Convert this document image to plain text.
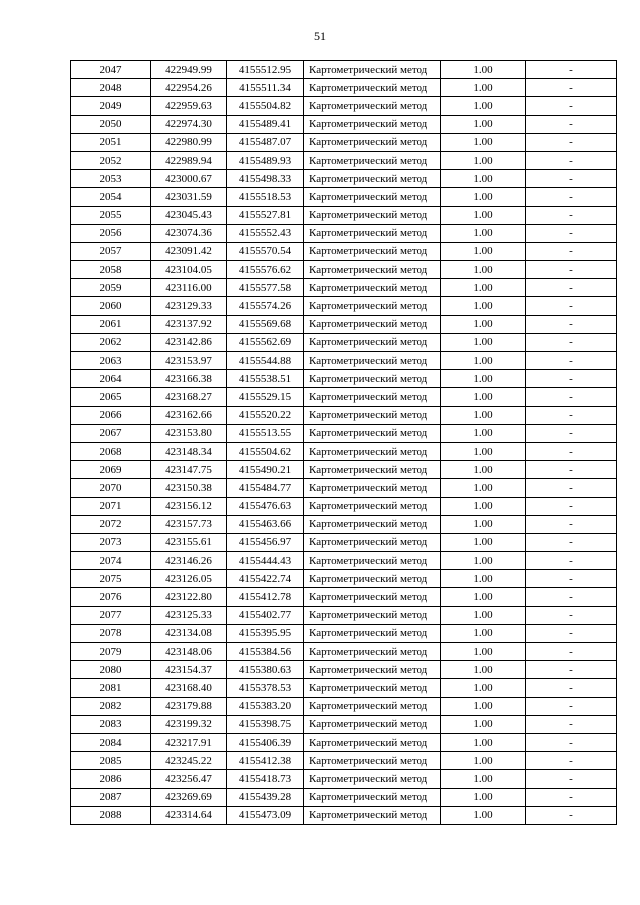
51
2047	422949.99	4155512.95	Картометрический метод	1.00	-
2048	422954.26	4155511.34	Картометрический метод	1.00	-
2049	422959.63	4155504.82	Картометрический метод	1.00	-
2050	422974.30	4155489.41	Картометрический метод	1.00	-
2051	422980.99	4155487.07	Картометрический метод	1.00	-
2052	422989.94	4155489.93	Картометрический метод	1.00	-
2053	423000.67	4155498.33	Картометрический метод	1.00	-
2054	423031.59	4155518.53	Картометрический метод	1.00	-
2055	423045.43	4155527.81	Картометрический метод	1.00	-
2056	423074.36	4155552.43	Картометрический метод	1.00	-
2057	423091.42	4155570.54	Картометрический метод	1.00	-
2058	423104.05	4155576.62	Картометрический метод	1.00	-
2059	423116.00	4155577.58	Картометрический метод	1.00	-
2060	423129.33	4155574.26	Картометрический метод	1.00	-
2061	423137.92	4155569.68	Картометрический метод	1.00	-
2062	423142.86	4155562.69	Картометрический метод	1.00	-
2063	423153.97	4155544.88	Картометрический метод	1.00	-
2064	423166.38	4155538.51	Картометрический метод	1.00	-
2065	423168.27	4155529.15	Картометрический метод	1.00	-
2066	423162.66	4155520.22	Картометрический метод	1.00	-
2067	423153.80	4155513.55	Картометрический метод	1.00	-
2068	423148.34	4155504.62	Картометрический метод	1.00	-
2069	423147.75	4155490.21	Картометрический метод	1.00	-
2070	423150.38	4155484.77	Картометрический метод	1.00	-
2071	423156.12	4155476.63	Картометрический метод	1.00	-
2072	423157.73	4155463.66	Картометрический метод	1.00	-
2073	423155.61	4155456.97	Картометрический метод	1.00	-
2074	423146.26	4155444.43	Картометрический метод	1.00	-
2075	423126.05	4155422.74	Картометрический метод	1.00	-
2076	423122.80	4155412.78	Картометрический метод	1.00	-
2077	423125.33	4155402.77	Картометрический метод	1.00	-
2078	423134.08	4155395.95	Картометрический метод	1.00	-
2079	423148.06	4155384.56	Картометрический метод	1.00	-
2080	423154.37	4155380.63	Картометрический метод	1.00	-
2081	423168.40	4155378.53	Картометрический метод	1.00	-
2082	423179.88	4155383.20	Картометрический метод	1.00	-
2083	423199.32	4155398.75	Картометрический метод	1.00	-
2084	423217.91	4155406.39	Картометрический метод	1.00	-
2085	423245.22	4155412.38	Картометрический метод	1.00	-
2086	423256.47	4155418.73	Картометрический метод	1.00	-
2087	423269.69	4155439.28	Картометрический метод	1.00	-
2088	423314.64	4155473.09	Картометрический метод	1.00	-
